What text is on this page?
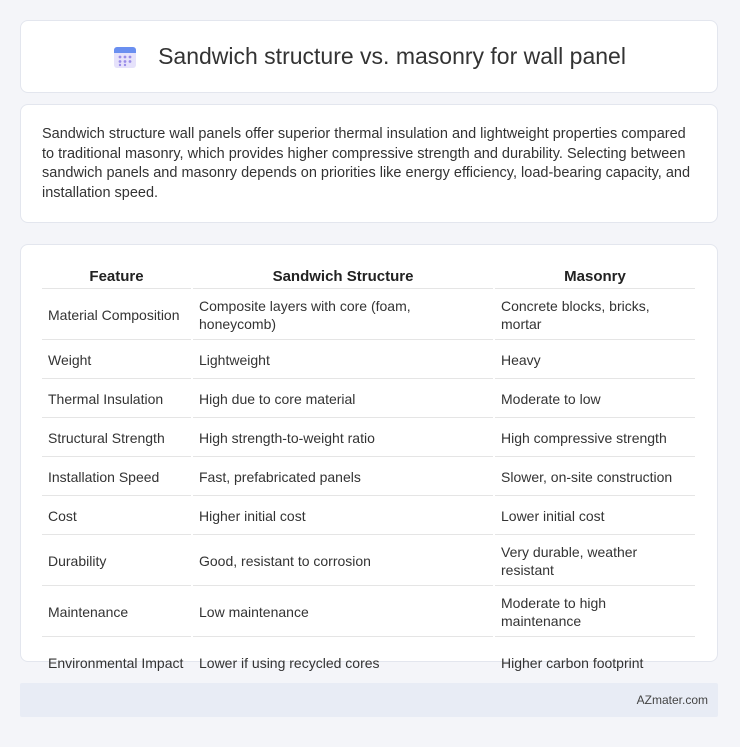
Sandwich structure vs. masonry for wall panel

Sandwich structure wall panels offer superior thermal insulation and lightweight properties compared to traditional masonry, which provides higher compressive strength and durability. Selecting between sandwich panels and masonry depends on priorities like energy efficiency, load-bearing capacity, and installation speed.

Feature	Sandwich Structure	Masonry
Material Composition	Composite layers with core (foam, honeycomb)	Concrete blocks, bricks, mortar
Weight	Lightweight	Heavy
Thermal Insulation	High due to core material	Moderate to low
Structural Strength	High strength-to-weight ratio	High compressive strength
Installation Speed	Fast, prefabricated panels	Slower, on-site construction
Cost	Higher initial cost	Lower initial cost
Durability	Good, resistant to corrosion	Very durable, weather resistant
Maintenance	Low maintenance	Moderate to high maintenance
Environmental Impact	Lower if using recycled cores	Higher carbon footprint
AZmater.com
